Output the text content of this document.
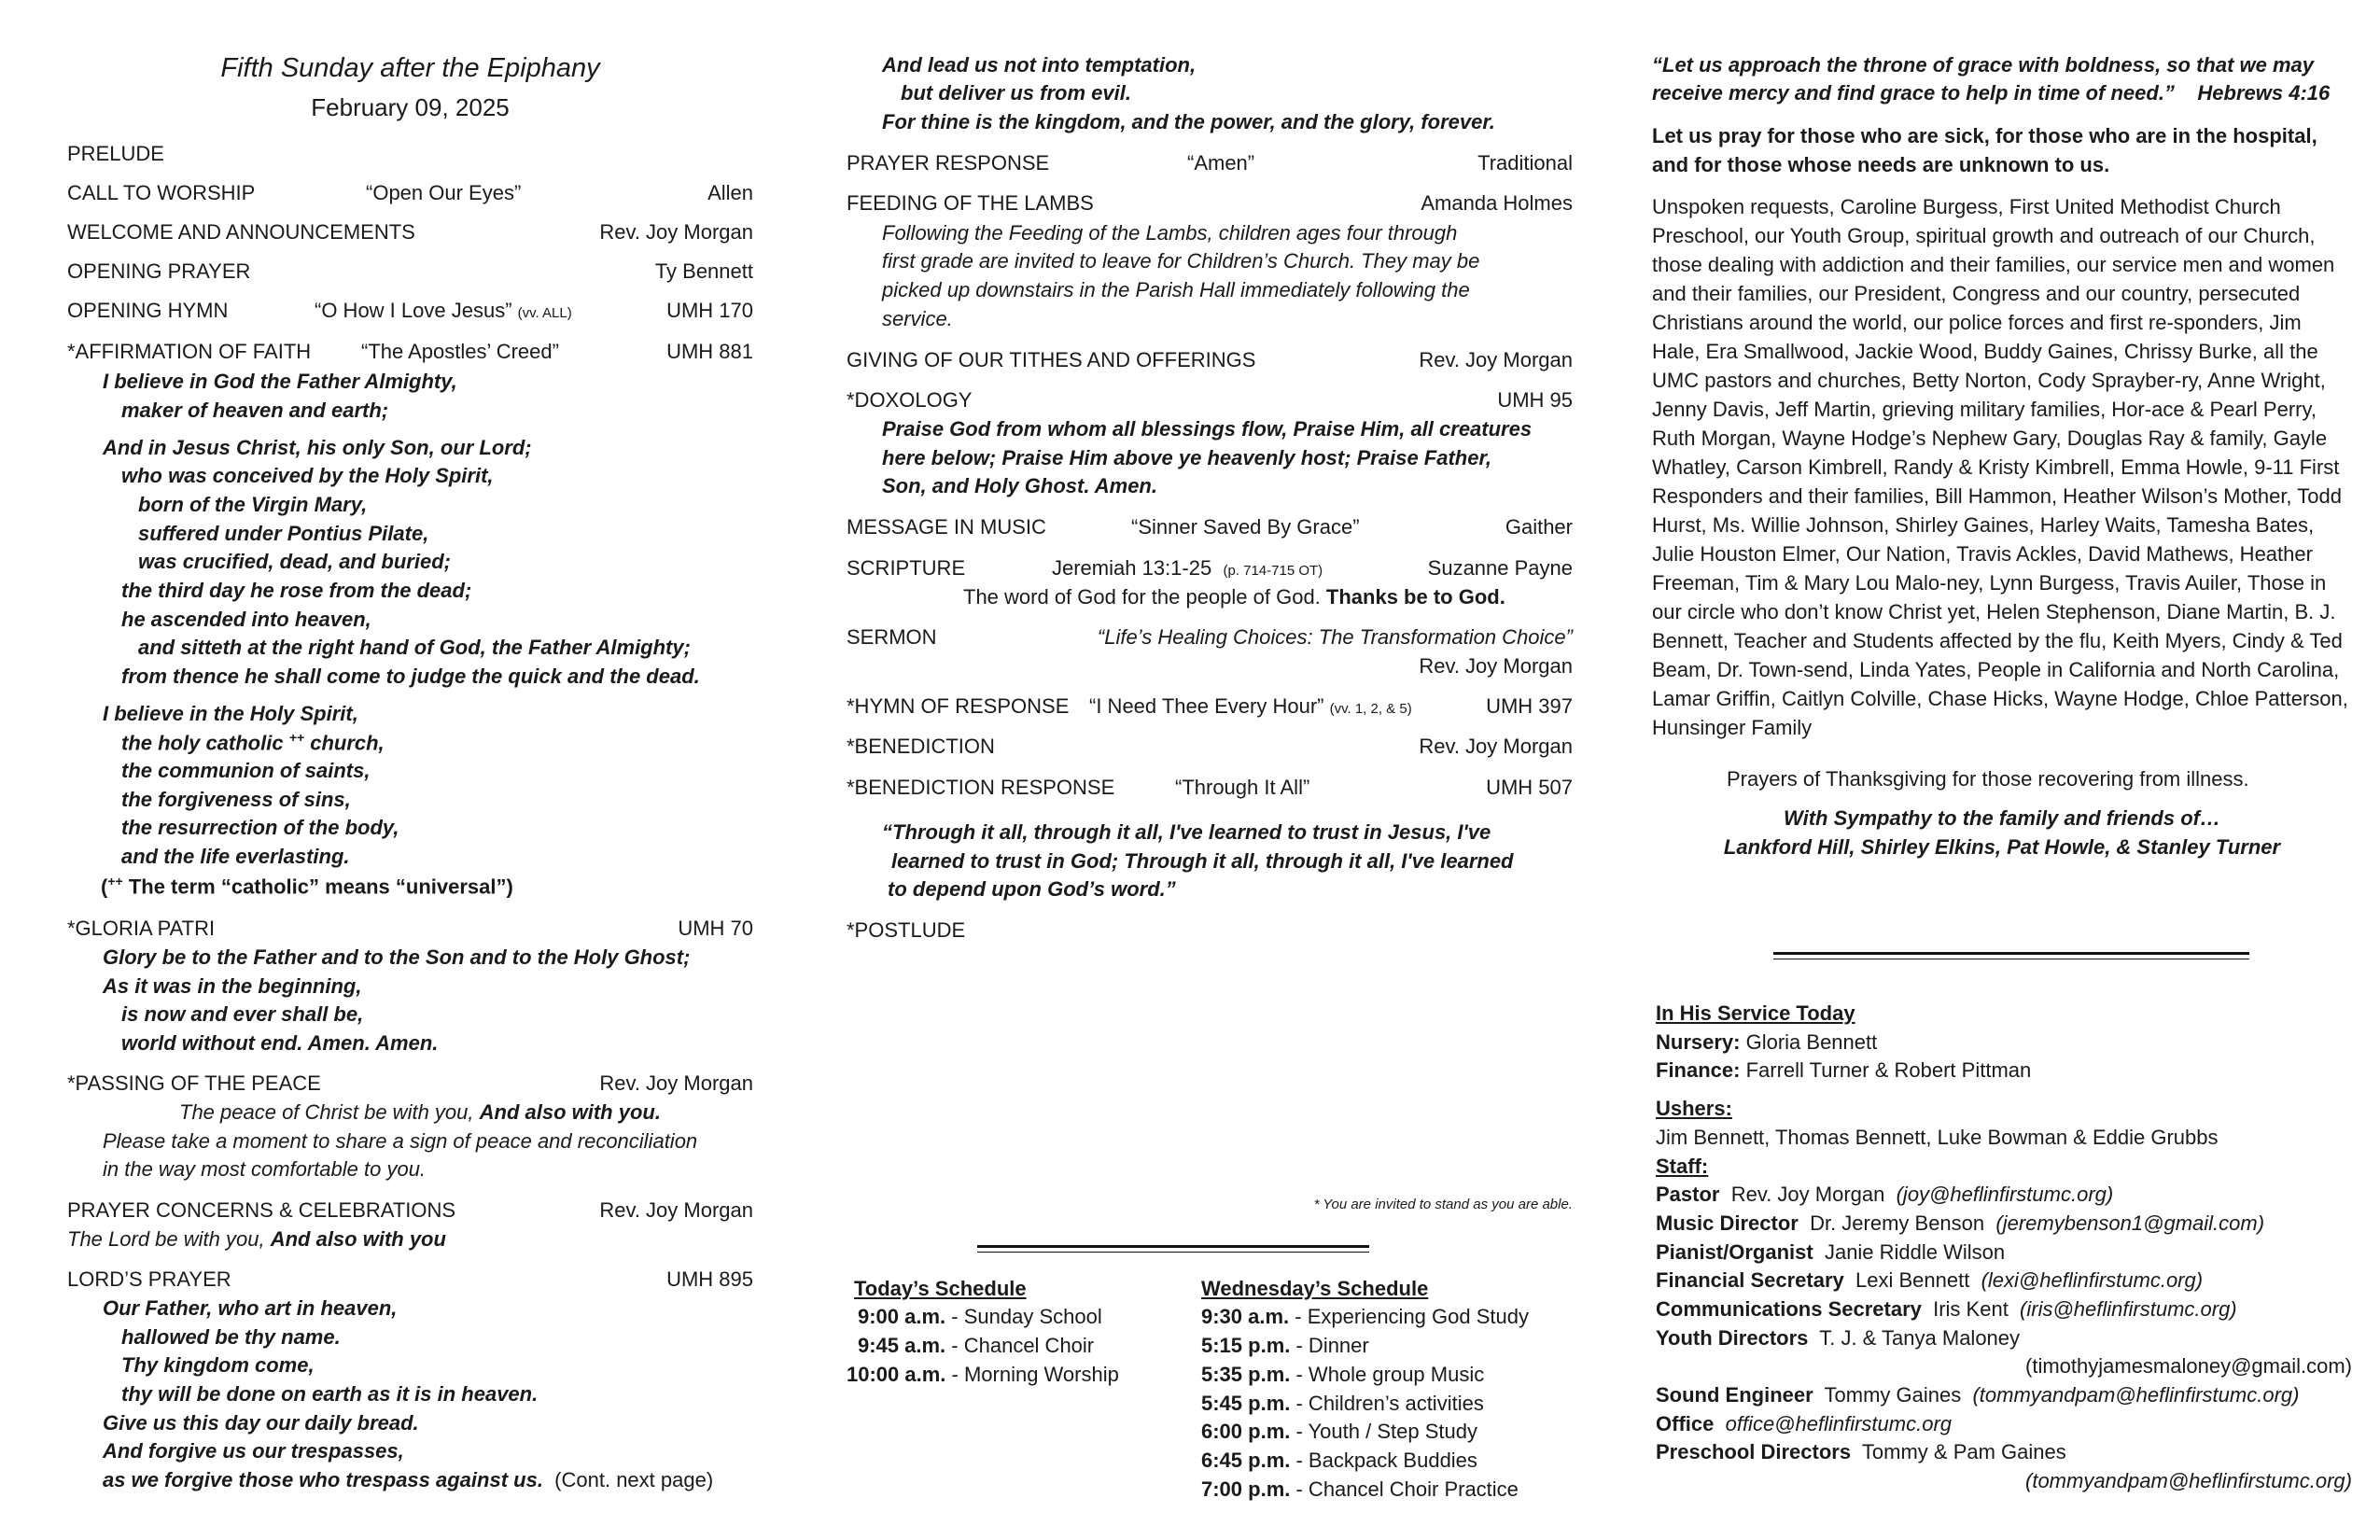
Fifth Sunday after the Epiphany
February 09, 2025
PRELUDE
CALL TO WORSHIP	“Open Our Eyes”	Allen
WELCOME AND ANNOUNCEMENTS	Rev. Joy Morgan
OPENING PRAYER	Ty Bennett
OPENING HYMN	“O How I Love Jesus” (vv. ALL)	UMH 170
*AFFIRMATION OF FAITH “The Apostles’ Creed”	UMH 881
I believe in God the Father Almighty,
maker of heaven and earth;
And in Jesus Christ, his only Son, our Lord;
who was conceived by the Holy Spirit,
born of the Virgin Mary,
suffered under Pontius Pilate,
was crucified, dead, and buried;
the third day he rose from the dead;
he ascended into heaven,
and sitteth at the right hand of God, the Father Almighty;
from thence he shall come to judge the quick and the dead.
I believe in the Holy Spirit,
the holy catholic ++ church,
the communion of saints,
the forgiveness of sins,
the resurrection of the body,
and the life everlasting.
(++ The term “catholic” means “universal”)
*GLORIA PATRI	UMH 70
Glory be to the Father and to the Son and to the Holy Ghost;
As it was in the beginning,
is now and ever shall be,
world without end. Amen. Amen.
*PASSING OF THE PEACE	Rev. Joy Morgan
The peace of Christ be with you, And also with you.
Please take a moment to share a sign of peace and reconciliation
in the way most comfortable to you.
PRAYER CONCERNS & CELEBRATIONS	Rev. Joy Morgan
The Lord be with you, And also with you
LORD’S PRAYER	UMH 895
Our Father, who art in heaven,
hallowed be thy name.
Thy kingdom come,
thy will be done on earth as it is in heaven.
Give us this day our daily bread.
And forgive us our trespasses,
as we forgive those who trespass against us. (Cont. next page)
And lead us not into temptation,
but deliver us from evil.
For thine is the kingdom, and the power, and the glory, forever.
PRAYER RESPONSE	“Amen”	Traditional
FEEDING OF THE LAMBS	Amanda Holmes
Following the Feeding of the Lambs, children ages four through
first grade are invited to leave for Children’s Church. They may be
picked up downstairs in the Parish Hall immediately following the
service.
GIVING OF OUR TITHES AND OFFERINGS	Rev. Joy Morgan
*DOXOLOGY	UMH 95
Praise God from whom all blessings flow, Praise Him, all creatures
here below; Praise Him above ye heavenly host; Praise Father,
Son, and Holy Ghost. Amen.
MESSAGE IN MUSIC	“Sinner Saved By Grace”	Gaither
SCRIPTURE	Jeremiah 13:1-25 (p. 714-715 OT)	Suzanne Payne
The word of God for the people of God. Thanks be to God.
SERMON	“Life’s Healing Choices: The Transformation Choice”
Rev. Joy Morgan
*HYMN OF RESPONSE “I Need Thee Every Hour” (vv. 1, 2, & 5)	UMH 397
*BENEDICTION	Rev. Joy Morgan
*BENEDICTION RESPONSE	“Through It All”	UMH 507
“Through it all, through it all, I've learned to trust in Jesus, I've
learned to trust in God; Through it all, through it all, I've learned
to depend upon God’s word.”
*POSTLUDE
* You are invited to stand as you are able.
Today’s Schedule
9:00 a.m. - Sunday School
9:45 a.m. - Chancel Choir
10:00 a.m. - Morning Worship
Wednesday’s Schedule
9:30 a.m. - Experiencing God Study
5:15 p.m. - Dinner
5:35 p.m. - Whole group Music
5:45 p.m. - Children’s activities
6:00 p.m. - Youth / Step Study
6:45 p.m. - Backpack Buddies
7:00 p.m. - Chancel Choir Practice
“Let us approach the throne of grace with boldness, so that we may
receive mercy and find grace to help in time of need.” Hebrews 4:16
Let us pray for those who are sick, for those who are in the hospital, and for those whose needs are unknown to us.
Unspoken requests, Caroline Burgess, First United Methodist Church Preschool, our Youth Group, spiritual growth and outreach of our Church, those dealing with addiction and their families, our service men and women and their families, our President, Congress and our country, persecuted Christians around the world, our police forces and first re-sponders, Jim Hale, Era Smallwood, Jackie Wood, Buddy Gaines, Chrissy Burke, all the UMC pastors and churches, Betty Norton, Cody Sprayber-ry, Anne Wright, Jenny Davis, Jeff Martin, grieving military families, Hor-ace & Pearl Perry, Ruth Morgan, Wayne Hodge’s Nephew Gary, Douglas Ray & family, Gayle Whatley, Carson Kimbrell, Randy & Kristy Kimbrell, Emma Howle, 9-11 First Responders and their families, Bill Hammon, Heather Wilson’s Mother, Todd Hurst, Ms. Willie Johnson, Shirley Gaines, Harley Waits, Tamesha Bates, Julie Houston Elmer, Our Nation, Travis Ackles, David Mathews, Heather Freeman, Tim & Mary Lou Malo-ney, Lynn Burgess, Travis Auiler, Those in our circle who don’t know Christ yet, Helen Stephenson, Diane Martin, B. J. Bennett, Teacher and Students affected by the flu, Keith Myers, Cindy & Ted Beam, Dr. Town-send, Linda Yates, People in California and North Carolina, Lamar Griffin, Caitlyn Colville, Chase Hicks, Wayne Hodge, Chloe Patterson, Hunsinger Family
Prayers of Thanksgiving for those recovering from illness.
With Sympathy to the family and friends of…
Lankford Hill, Shirley Elkins, Pat Howle, & Stanley Turner
In His Service Today
Nursery: Gloria Bennett
Finance: Farrell Turner & Robert Pittman
Ushers:
Jim Bennett, Thomas Bennett, Luke Bowman & Eddie Grubbs
Staff:
Pastor Rev. Joy Morgan (joy@heflinfirstumc.org)
Music Director Dr. Jeremy Benson (jeremybenson1@gmail.com)
Pianist/Organist Janie Riddle Wilson
Financial Secretary Lexi Bennett (lexi@heflinfirstumc.org)
Communications Secretary Iris Kent (iris@heflinfirstumc.org)
Youth Directors T. J. & Tanya Maloney
(timothyjamesmaloney@gmail.com)
Sound Engineer Tommy Gaines (tommyandpam@heflinfirstumc.org)
Office office@heflinfirstumc.org
Preschool Directors Tommy & Pam Gaines
(tommyandpam@heflinfirstumc.org)
